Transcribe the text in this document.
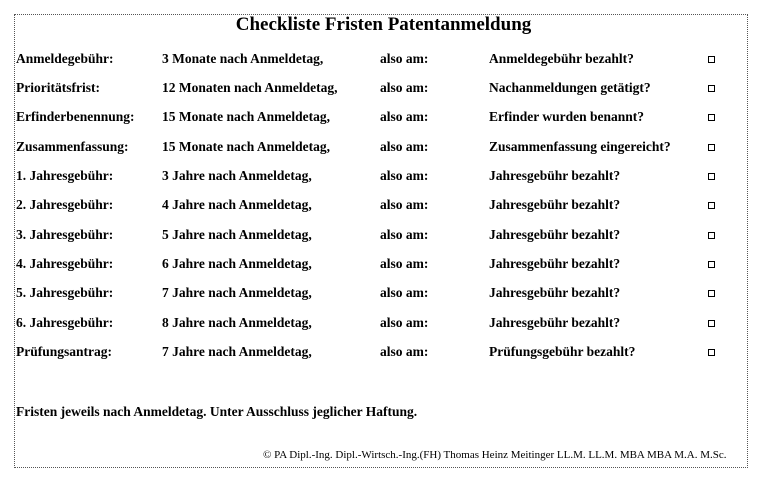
Checkliste Fristen Patentanmeldung
Anmeldegebühr:	3 Monate nach Anmeldetag,	also am:	Anmeldegebühr bezahlt?
Prioritätsfrist:	12 Monaten nach Anmeldetag,	also am:	Nachanmeldungen getätigt?
Erfinderbenennung: 15 Monate nach Anmeldetag,	also am:	Erfinder wurden benannt?
Zusammenfassung: 15 Monate nach Anmeldetag,	also am:	Zusammenfassung eingereicht?
1. Jahresgebühr:	3 Jahre nach Anmeldetag,	also am:	Jahresgebühr bezahlt?
2. Jahresgebühr:	4 Jahre nach Anmeldetag,	also am:	Jahresgebühr bezahlt?
3. Jahresgebühr:	5 Jahre nach Anmeldetag,	also am:	Jahresgebühr bezahlt?
4. Jahresgebühr:	6 Jahre nach Anmeldetag,	also am:	Jahresgebühr bezahlt?
5. Jahresgebühr:	7 Jahre nach Anmeldetag,	also am:	Jahresgebühr bezahlt?
6. Jahresgebühr:	8 Jahre nach Anmeldetag,	also am:	Jahresgebühr bezahlt?
Prüfungsantrag:	7 Jahre nach Anmeldetag,	also am:	Prüfungsgebühr bezahlt?
Fristen jeweils nach Anmeldetag. Unter Ausschluss jeglicher Haftung.
© PA Dipl.-Ing. Dipl.-Wirtsch.-Ing.(FH) Thomas Heinz Meitinger LL.M. LL.M. MBA MBA M.A. M.Sc.
